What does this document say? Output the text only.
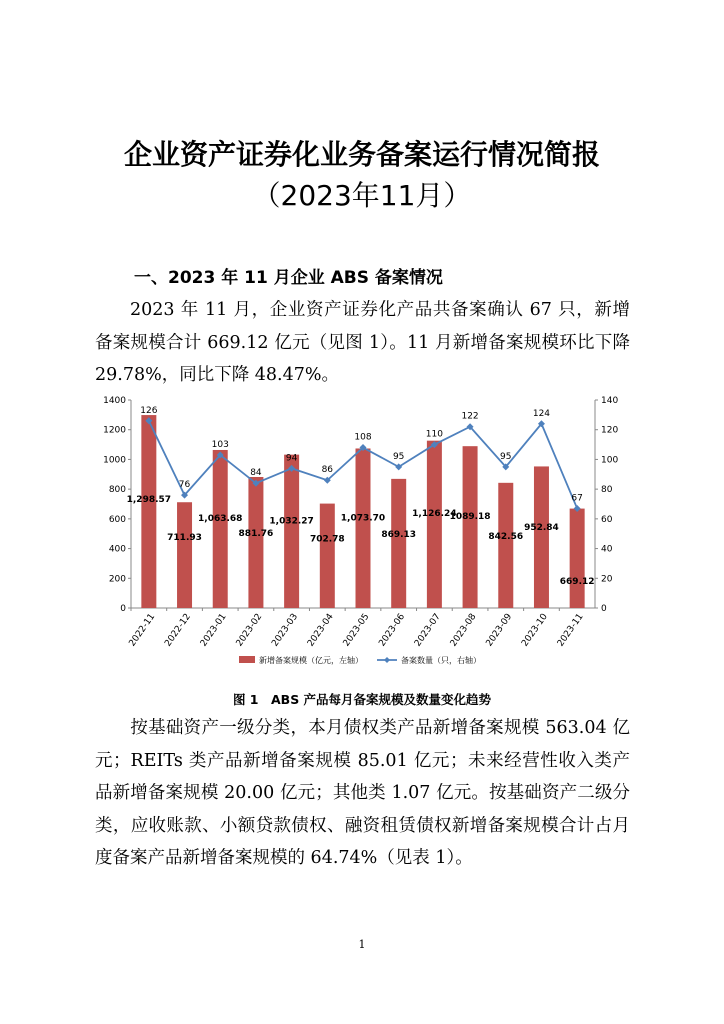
企业资产证券化业务备案运行情况简报
（2023年11月）
一、2023 年 11 月企业 ABS 备案情况
2023 年 11 月，企业资产证券化产品共备案确认 67 只，新增备案规模合计 669.12 亿元（见图 1）。11 月新增备案规模环比下降 29.78%，同比下降 48.47%。
0
200
400
600
800
1000
1200
1400
0
20
40
60
80
100
120
140
2022-11 2022-12 2023-01 2023-02 2023-03 2023-04 2023-05 2023-06 2023-07 2023-08 2023-09 2023-10 2023-11
126
76
103
84
94
86
108
95
110
122
95
124
67
1,298.57
711.93
1,063.68
881.76
1,032.27
702.78
1,073.70
869.13
1,126.24
1089.18
842.56
952.84
669.12
新增备案规模（亿元，左轴）	备案数量（只，右轴）
图 1　ABS 产品每月备案规模及数量变化趋势
按基础资产一级分类，本月债权类产品新增备案规模 563.04 亿元；REITs 类产品新增备案规模 85.01 亿元；未来经营性收入类产品新增备案规模 20.00 亿元；其他类 1.07 亿元。按基础资产二级分类，应收账款、小额贷款债权、融资租赁债权新增备案规模合计占月度备案产品新增备案规模的 64.74%（见表 1）。
1
